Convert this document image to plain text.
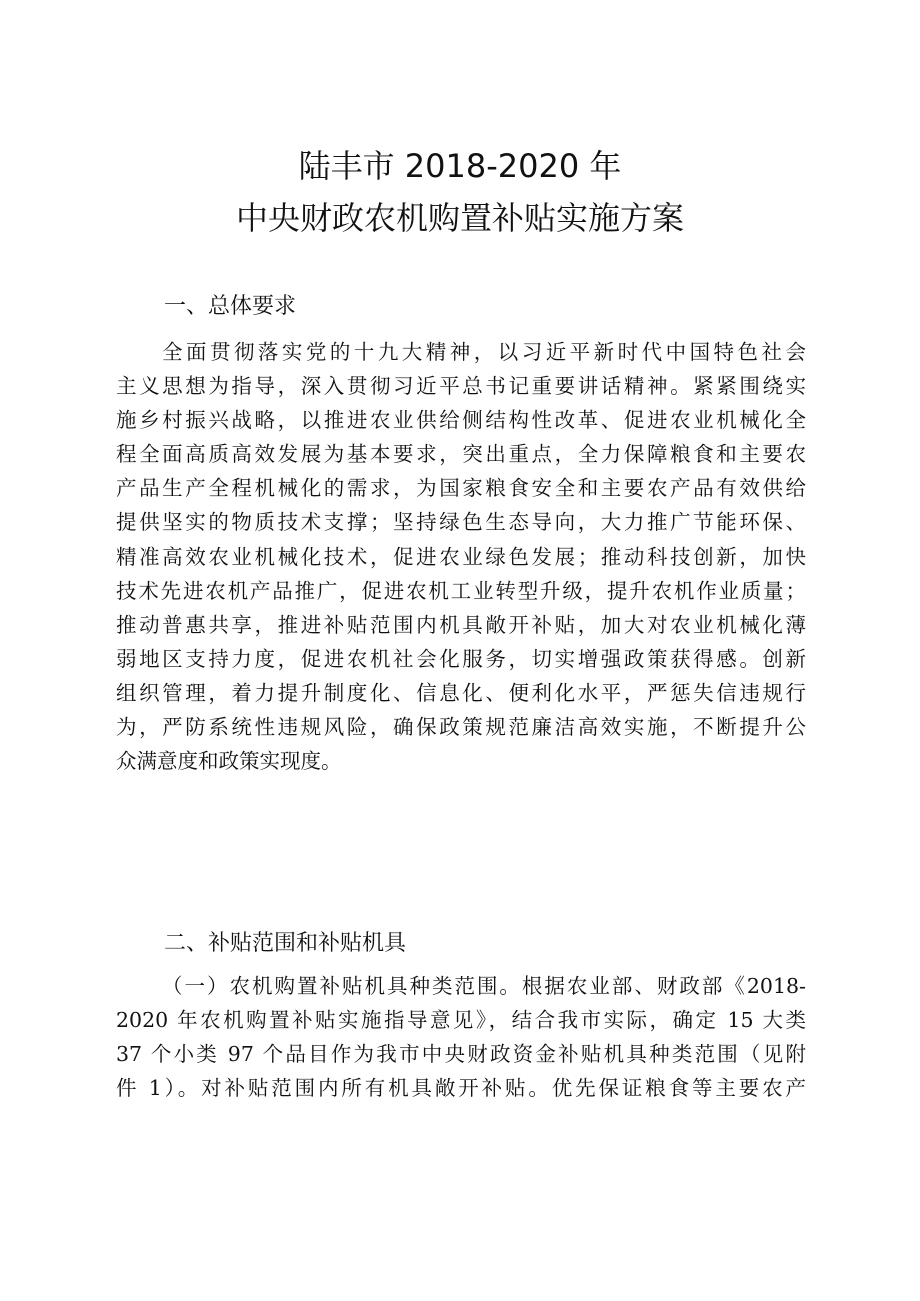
陆丰市 2018-2020 年
中央财政农机购置补贴实施方案
一、总体要求
全面贯彻落实党的十九大精神，以习近平新时代中国特色社会
主义思想为指导，深入贯彻习近平总书记重要讲话精神。紧紧围绕实
施乡村振兴战略，以推进农业供给侧结构性改革、促进农业机械化全
程全面高质高效发展为基本要求，突出重点，全力保障粮食和主要农
产品生产全程机械化的需求，为国家粮食安全和主要农产品有效供给
提供坚实的物质技术支撑；坚持绿色生态导向，大力推广节能环保、
精准高效农业机械化技术，促进农业绿色发展；推动科技创新，加快
技术先进农机产品推广，促进农机工业转型升级，提升农机作业质量；
推动普惠共享，推进补贴范围内机具敞开补贴，加大对农业机械化薄
弱地区支持力度，促进农机社会化服务，切实增强政策获得感。创新
组织管理，着力提升制度化、信息化、便利化水平，严惩失信违规行
为，严防系统性违规风险，确保政策规范廉洁高效实施，不断提升公
众满意度和政策实现度。
二、补贴范围和补贴机具
（一）农机购置补贴机具种类范围。根据农业部、财政部《2018-
2020 年农机购置补贴实施指导意见》，结合我市实际，确定 15 大类
37 个小类 97 个品目作为我市中央财政资金补贴机具种类范围（见附
件 1）。对补贴范围内所有机具敞开补贴。优先保证粮食等主要农产
